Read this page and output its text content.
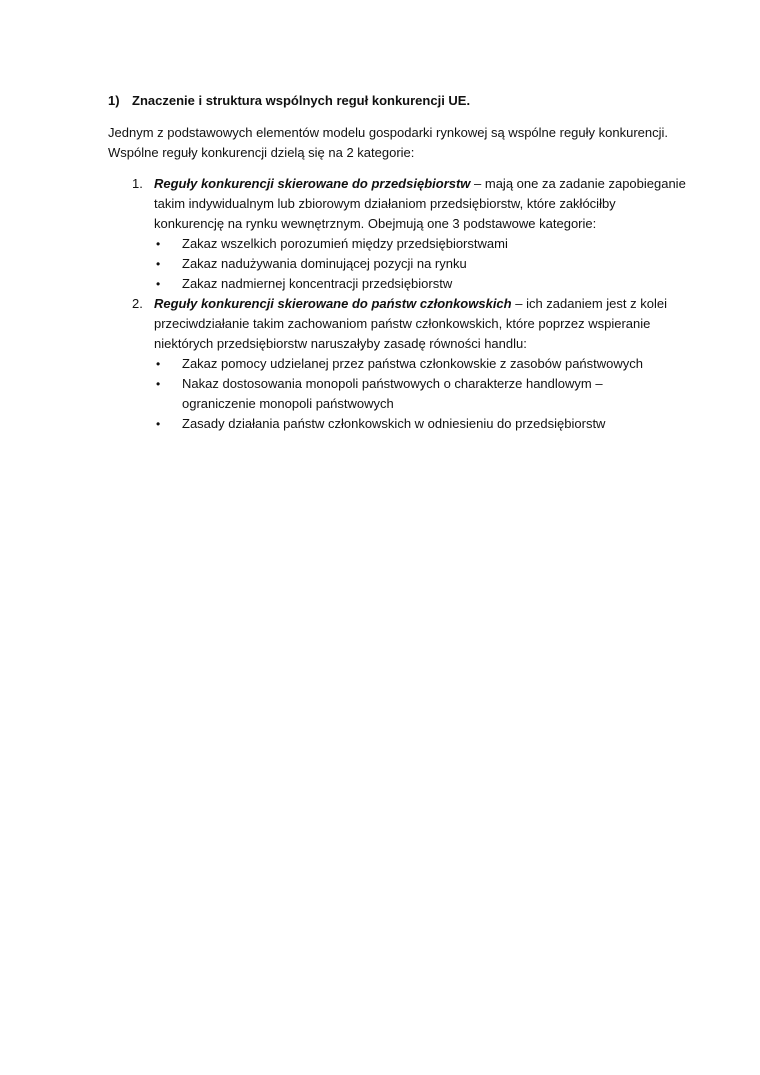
1) Znaczenie i struktura wspólnych reguł konkurencji UE.
Jednym z podstawowych elementów modelu gospodarki rynkowej są wspólne reguły konkurencji.
Wspólne reguły konkurencji dzielą się na 2 kategorie:
1. Reguły konkurencji skierowane do przedsiębiorstw – mają one za zadanie zapobieganie
takim indywidualnym lub zbiorowym działaniom przedsiębiorstw, które zakłóciłby
konkurencję na rynku wewnętrznym. Obejmują one 3 podstawowe kategorie:
• Zakaz wszelkich porozumień między przedsiębiorstwami
• Zakaz nadużywania dominującej pozycji na rynku
• Zakaz nadmiernej koncentracji przedsiębiorstw
2. Reguły konkurencji skierowane do państw członkowskich – ich zadaniem jest z kolei
przeciwdziałanie takim zachowaniom państw członkowskich, które poprzez wspieranie
niektórych przedsiębiorstw naruszałyby zasadę równości handlu:
• Zakaz pomocy udzielanej przez państwa członkowskie z zasobów państwowych
• Nakaz dostosowania monopoli państwowych o charakterze handlowym –
ograniczenie monopoli państwowych
• Zasady działania państw członkowskich w odniesieniu do przedsiębiorstw
